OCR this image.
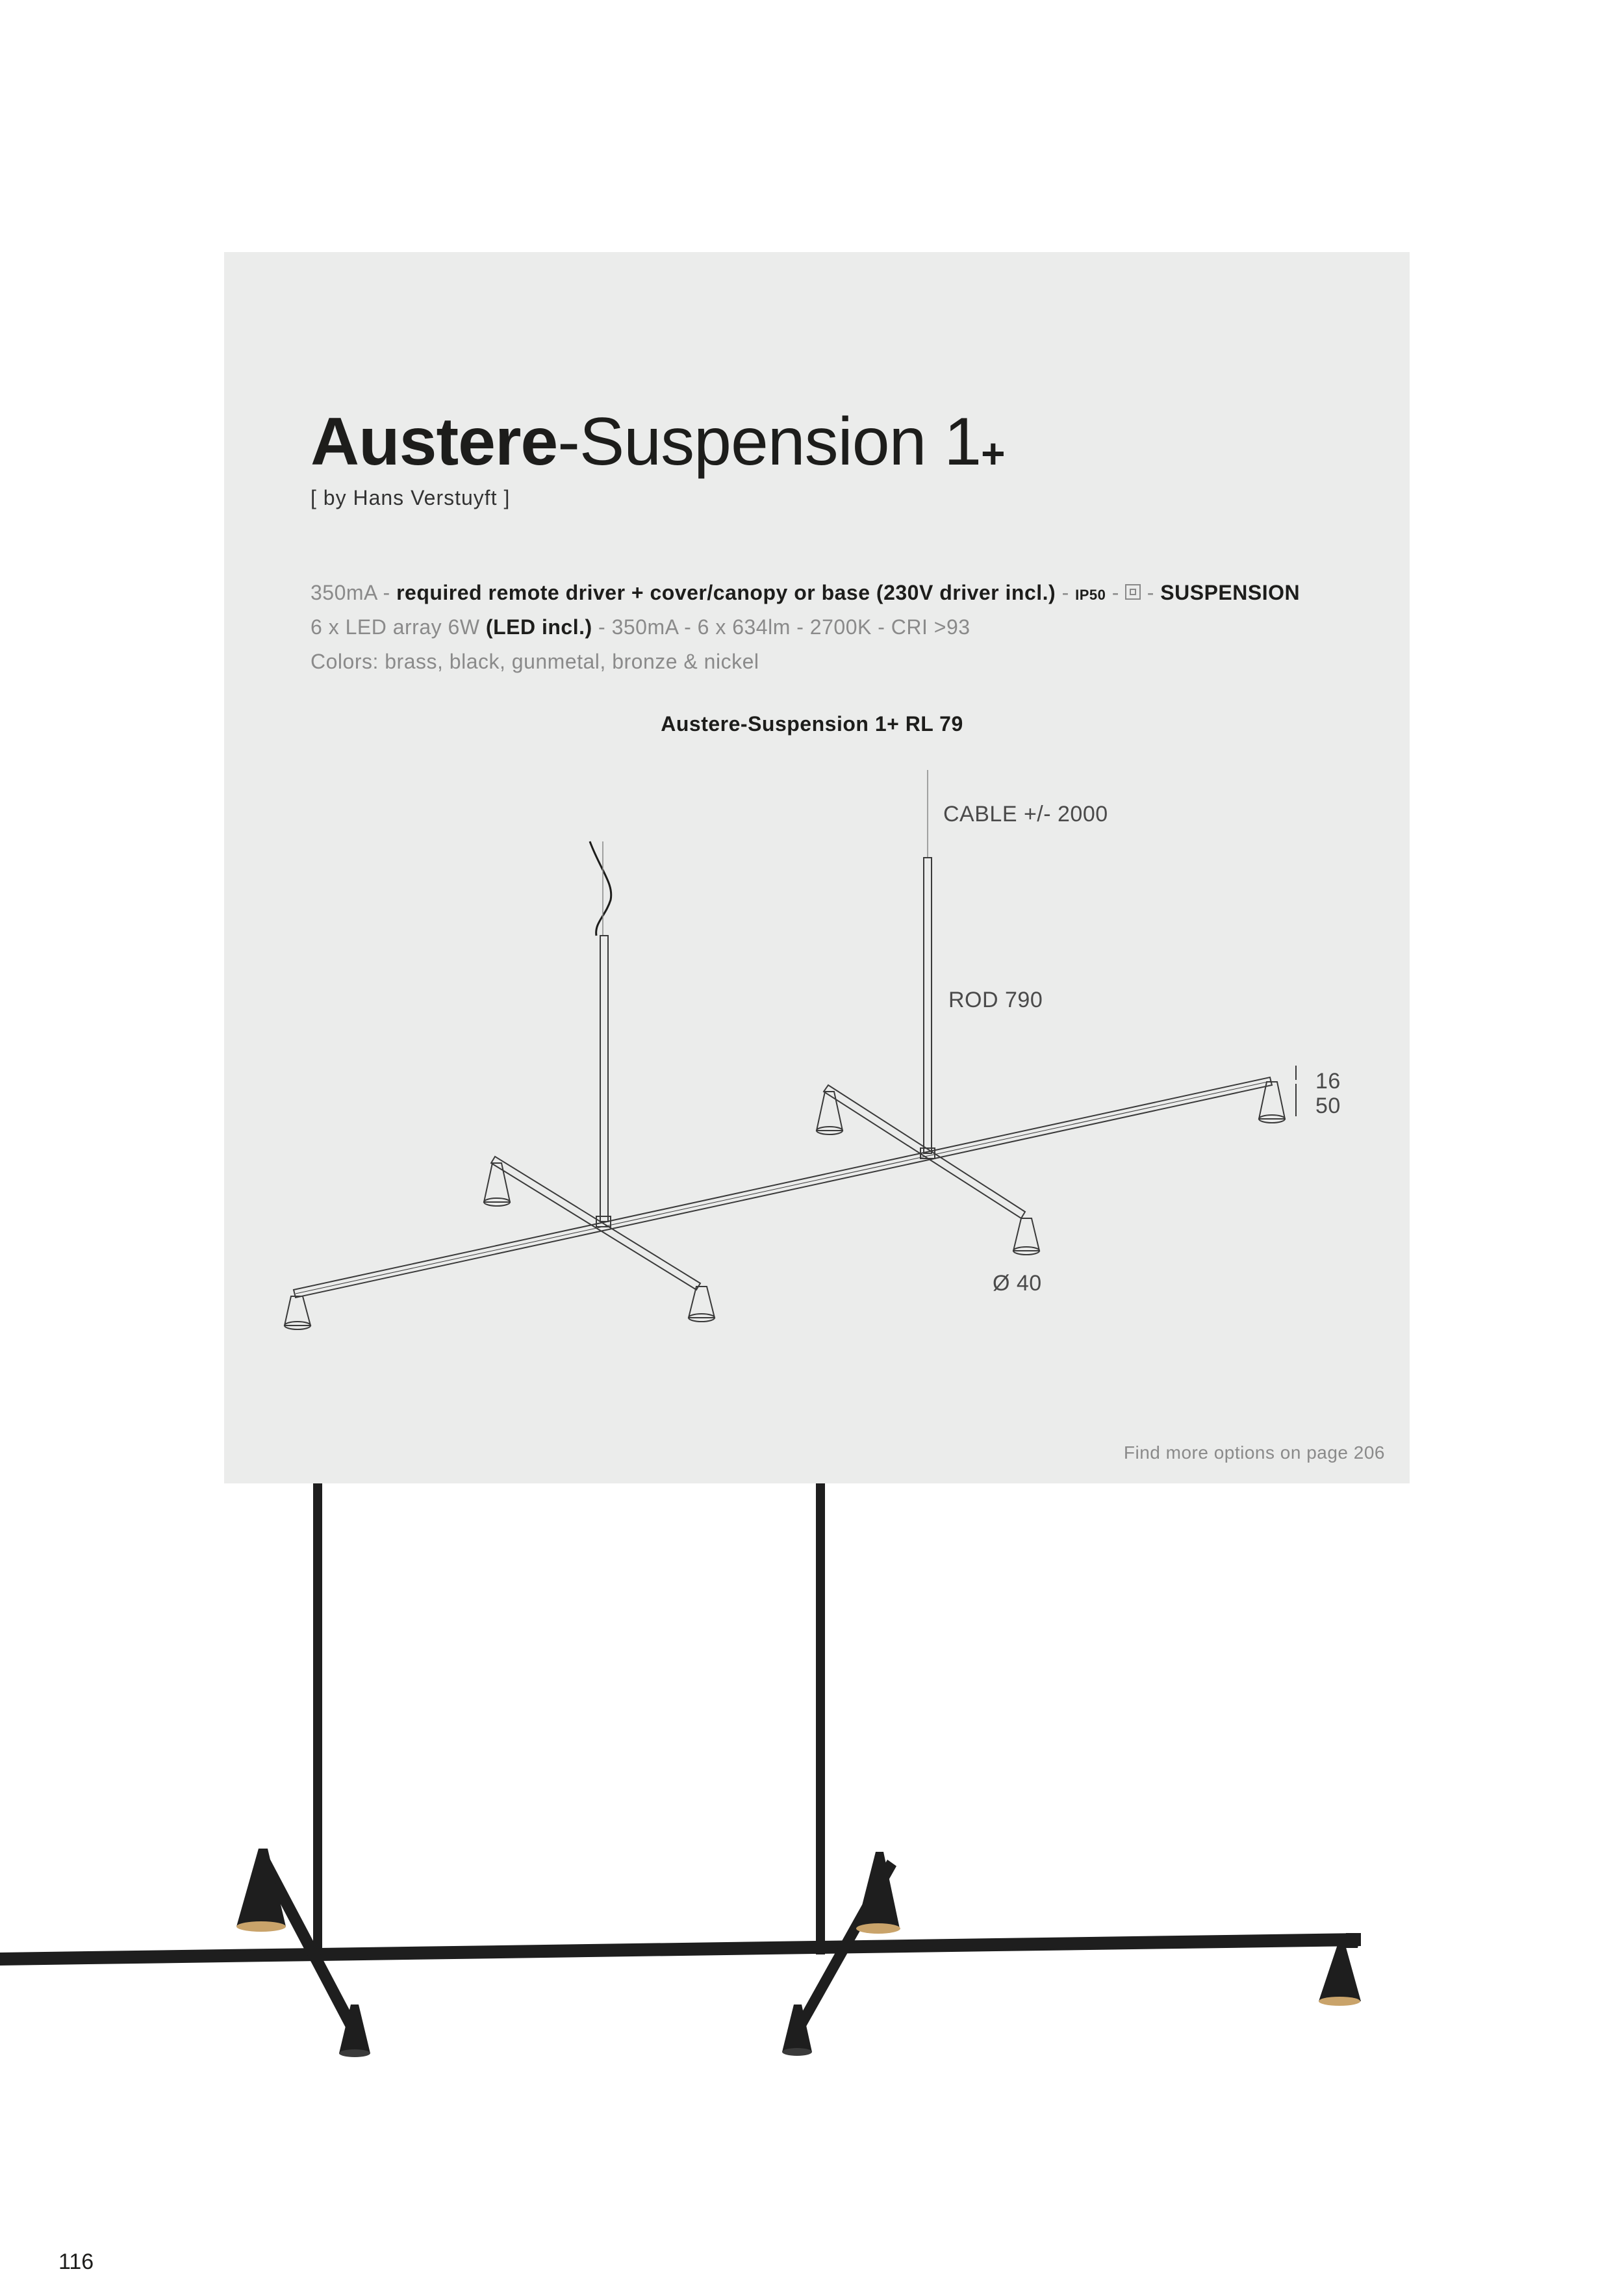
Austere-Suspension 1+
[ by Hans Verstuyft ]
350mA - required remote driver + cover/canopy or base (230V driver incl.) - IP50 - - SUSPENSION
6 x LED array 6W (LED incl.) - 350mA - 6 x 634lm - 2700K - CRI >93
Colors: brass, black, gunmetal, bronze & nickel
Austere-Suspension 1+ RL 79
CABLE +/- 2000
ROD 790
16
50
Ø 40
Find more options on page 206
116
